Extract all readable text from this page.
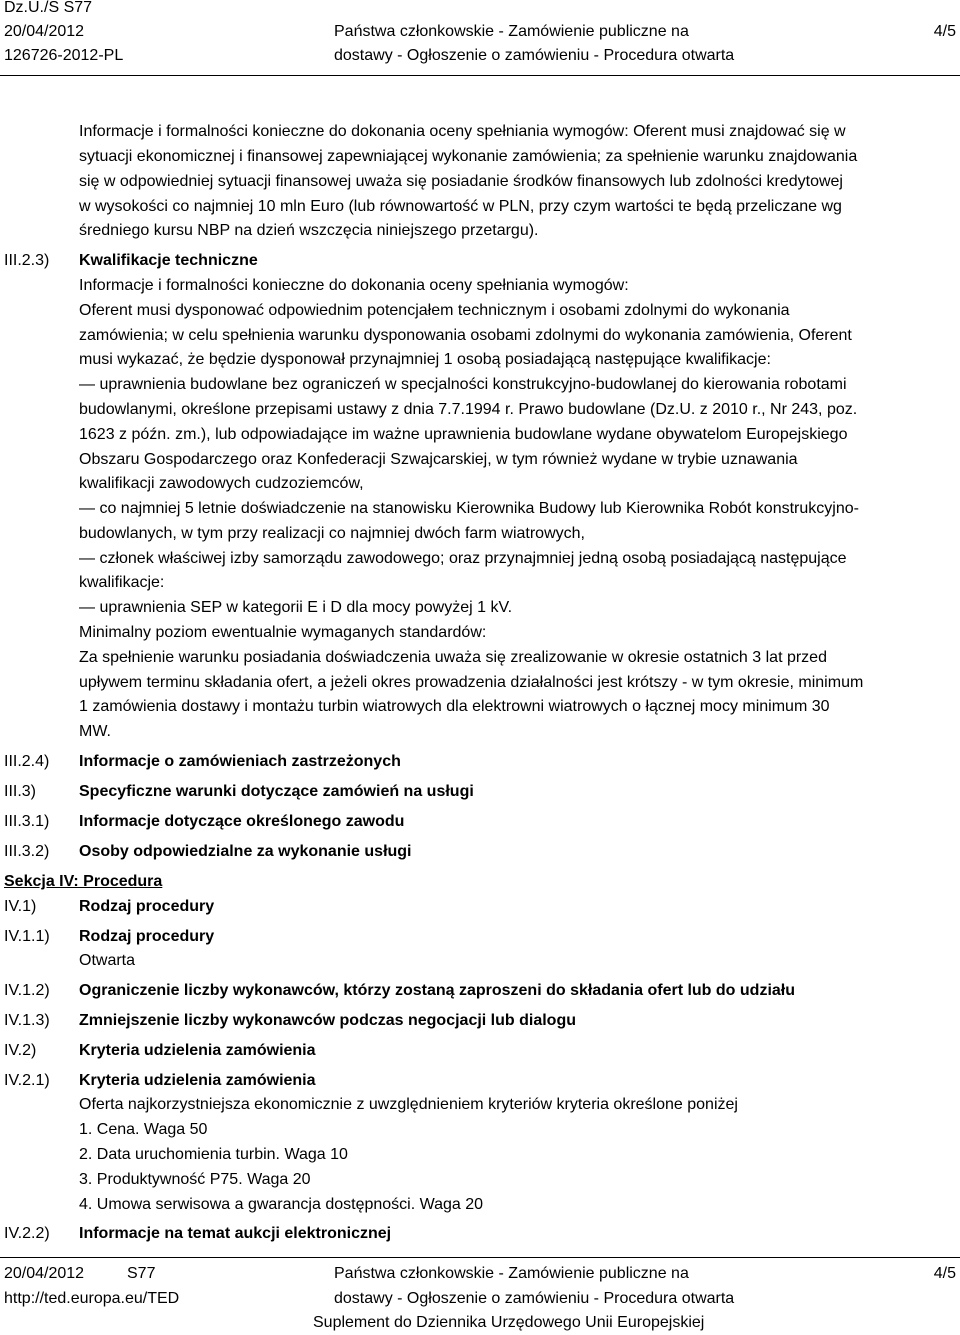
Dz.U./S S77
20/04/2012
126726-2012-PL
Państwa członkowskie - Zamówienie publiczne na
dostawy - Ogłoszenie o zamówieniu - Procedura otwarta
4/5
Informacje i formalności konieczne do dokonania oceny spełniania wymogów: Oferent musi znajdować się w
sytuacji ekonomicznej i finansowej zapewniającej wykonanie zamówienia; za spełnienie warunku znajdowania
się w odpowiedniej sytuacji finansowej uważa się posiadanie środków finansowych lub zdolności kredytowej
w wysokości co najmniej 10 mln Euro (lub równowartość w PLN, przy czym wartości te będą przeliczane wg
średniego kursu NBP na dzień wszczęcia niniejszego przetargu).
III.2.3) Kwalifikacje techniczne
Informacje i formalności konieczne do dokonania oceny spełniania wymogów:
Oferent musi dysponować odpowiednim potencjałem technicznym i osobami zdolnymi do wykonania
zamówienia; w celu spełnienia warunku dysponowania osobami zdolnymi do wykonania zamówienia, Oferent
musi wykazać, że będzie dysponował przynajmniej 1 osobą posiadającą następujące kwalifikacje:
— uprawnienia budowlane bez ograniczeń w specjalności konstrukcyjno-budowlanej do kierowania robotami
budowlanymi, określone przepisami ustawy z dnia 7.7.1994 r. Prawo budowlane (Dz.U. z 2010 r., Nr 243, poz.
1623 z późn. zm.), lub odpowiadające im ważne uprawnienia budowlane wydane obywatelom Europejskiego
Obszaru Gospodarczego oraz Konfederacji Szwajcarskiej, w tym również wydane w trybie uznawania
kwalifikacji zawodowych cudzoziemców,
— co najmniej 5 letnie doświadczenie na stanowisku Kierownika Budowy lub Kierownika Robót konstrukcyjno-
budowlanych, w tym przy realizacji co najmniej dwóch farm wiatrowych,
— członek właściwej izby samorządu zawodowego; oraz przynajmniej jedną osobą posiadającą następujące
kwalifikacje:
— uprawnienia SEP w kategorii E i D dla mocy powyżej 1 kV.
Minimalny poziom ewentualnie wymaganych standardów:
Za spełnienie warunku posiadania doświadczenia uważa się zrealizowanie w okresie ostatnich 3 lat przed
upływem terminu składania ofert, a jeżeli okres prowadzenia działalności jest krótszy - w tym okresie, minimum
1 zamówienia dostawy i montażu turbin wiatrowych dla elektrowni wiatrowych o łącznej mocy minimum 30
MW.
III.2.4) Informacje o zamówieniach zastrzeżonych
III.3)	Specyficzne warunki dotyczące zamówień na usługi
III.3.1) Informacje dotyczące określonego zawodu
III.3.2) Osoby odpowiedzialne za wykonanie usługi
Sekcja IV: Procedura
IV.1)	Rodzaj procedury
IV.1.1) Rodzaj procedury
Otwarta
IV.1.2) Ograniczenie liczby wykonawców, którzy zostaną zaproszeni do składania ofert lub do udziału
IV.1.3) Zmniejszenie liczby wykonawców podczas negocjacji lub dialogu
IV.2)	Kryteria udzielenia zamówienia
IV.2.1) Kryteria udzielenia zamówienia
Oferta najkorzystniejsza ekonomicznie z uwzględnieniem kryteriów kryteria określone poniżej
1. Cena. Waga 50
2. Data uruchomienia turbin. Waga 10
3. Produktywność P75. Waga 20
4. Umowa serwisowa a gwarancja dostępności. Waga 20
IV.2.2) Informacje na temat aukcji elektronicznej
20/04/2012	S77
http://ted.europa.eu/TED
Państwa członkowskie - Zamówienie publiczne na
dostawy - Ogłoszenie o zamówieniu - Procedura otwarta
Suplement do Dziennika Urzędowego Unii Europejskiej
4/5
